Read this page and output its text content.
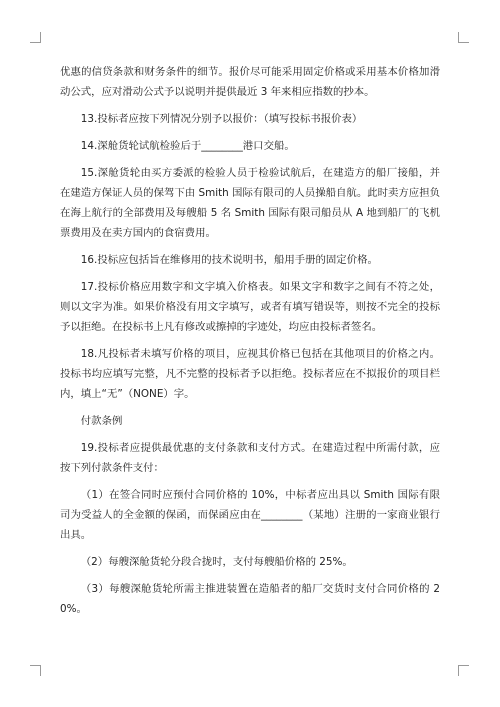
优惠的信贷条款和财务条件的细节。报价尽可能采用固定价格或采用基本价格加滑动公式，应对滑动公式予以说明并提供最近 3 年来相应指数的抄本。

13.投标者应按下列情况分别予以报价：（填写投标书报价表）

14.深舱货轮试航检验后于________港口交船。

15.深舱货轮由买方委派的检验人员于检验试航后，在建造方的船厂接船，并在建造方保证人员的保驾下由 Smith 国际有限司的人员操船自航。此时卖方应担负在海上航行的全部费用及每艘船 5 名 Smith 国际有限司船员从 A 地到船厂的飞机票费用及在卖方国内的食宿费用。

16.投标应包括旨在维修用的技术说明书，船用手册的固定价格。

17.投标价格应用数字和文字填入价格表。如果文字和数字之间有不符之处，则以文字为准。如果价格没有用文字填写，或者有填写错误等，则按不完全的投标予以拒绝。在投标书上凡有修改或擦掉的字迹处，均应由投标者签名。

18.凡投标者未填写价格的项目，应视其价格已包括在其他项目的价格之内。投标书均应填写完整，凡不完整的投标者予以拒绝。投标者应在不拟报价的项目栏内，填上“无”（NONE）字。

付款条例

19.投标者应提供最优惠的支付条款和支付方式。在建造过程中所需付款，应按下列付款条件支付：

（1）在签合同时应预付合同价格的 10%，中标者应出具以 Smith 国际有限司为受益人的全金额的保函，而保函应由在________（某地）注册的一家商业银行出具。

（2）每艘深舱货轮分段合拢时，支付每艘船价格的 25%。

（3）每艘深舱货轮所需主推进装置在造船者的船厂交货时支付合同价格的 20%。
